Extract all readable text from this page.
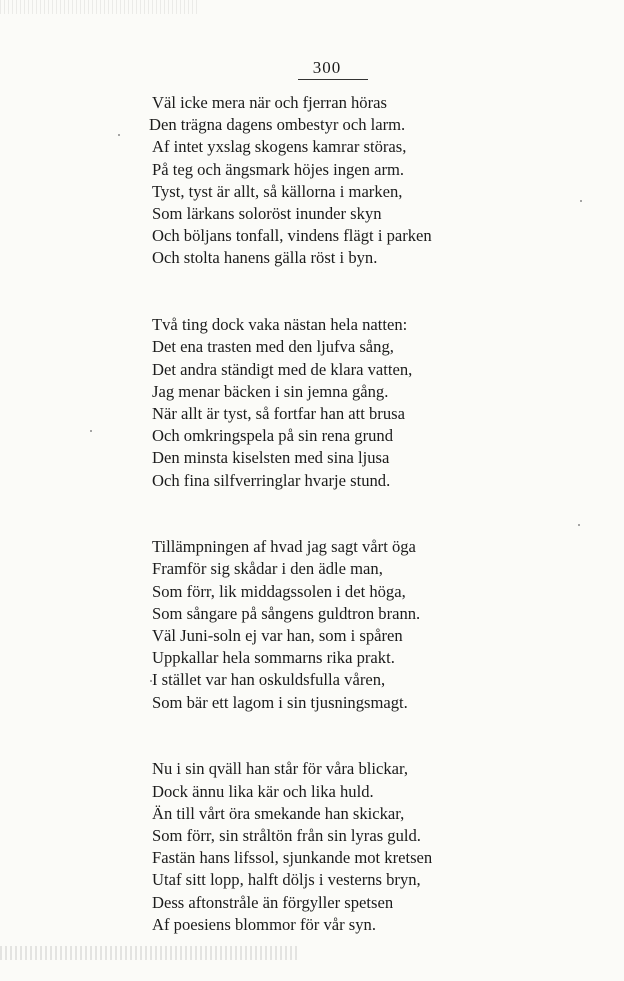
300
Väl icke mera när och fjerran höras
Den trägna dagens ombestyr och larm.
Af intet yxslag skogens kamrar störas,
På teg och ängsmark höjes ingen arm.
Tyst, tyst är allt, så källorna i marken,
Som lärkans soloröst inunder skyn
Och böljans tonfall, vindens flägt i parken
Och stolta hanens gälla röst i byn.
Två ting dock vaka nästan hela natten:
Det ena trasten med den ljufva sång,
Det andra ständigt med de klara vatten,
Jag menar bäcken i sin jemna gång.
När allt är tyst, så fortfar han att brusa
Och omkringspela på sin rena grund
Den minsta kiselsten med sina ljusa
Och fina silfverringlar hvarje stund.
Tillämpningen af hvad jag sagt vårt öga
Framför sig skådar i den ädle man,
Som förr, lik middagssolen i det höga,
Som sångare på sångens guldtron brann.
Väl Juni-soln ej var han, som i spåren
Uppkallar hela sommarns rika prakt.
I stället var han oskuldsfulla våren,
Som bär ett lagom i sin tjusningsmagt.
Nu i sin qväll han står för våra blickar,
Dock ännu lika kär och lika huld.
Än till vårt öra smekande han skickar,
Som förr, sin stråltön från sin lyras guld.
Fastän hans lifssol, sjunkande mot kretsen
Utaf sitt lopp, halft döljs i vesterns bryn,
Dess aftonstråle än förgyller spetsen
Af poesiens blommor för vår syn.
